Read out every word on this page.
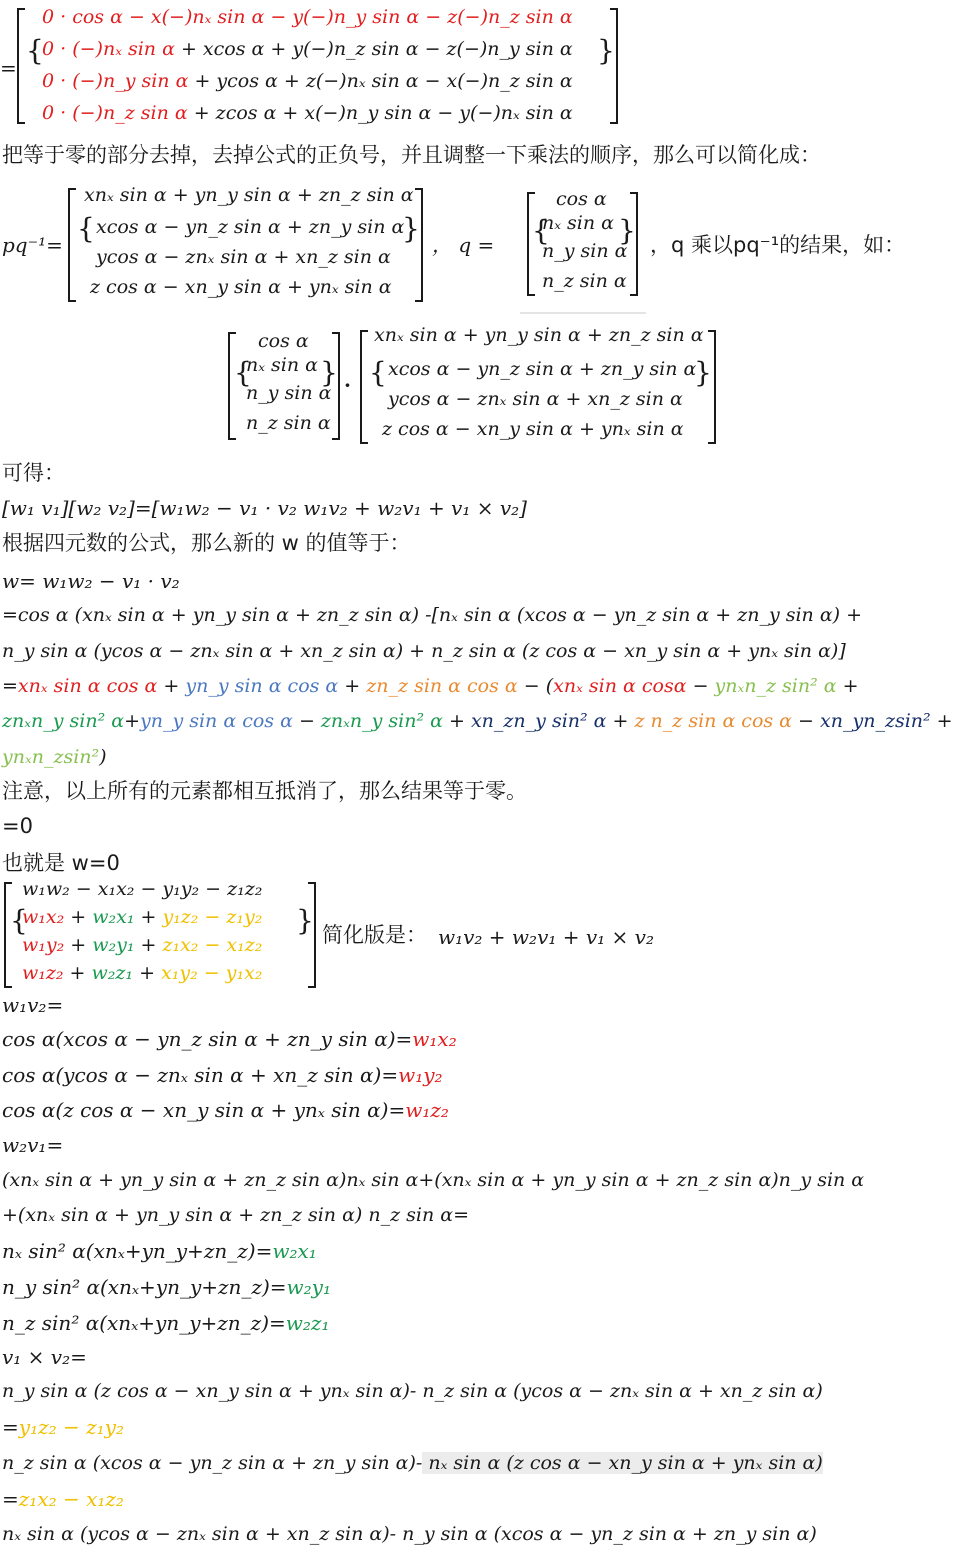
=
{	}
0 · cos α − x(−)nₓ sin α − y(−)n_y sin α − z(−)n_z sin α
0 · (−)nₓ sin α + xcos α + y(−)n_z sin α − z(−)n_y sin α
0 · (−)n_y sin α + ycos α + z(−)nₓ sin α − x(−)n_z sin α
0 · (−)n_z sin α + zcos α + x(−)n_y sin α − y(−)nₓ sin α
把等于零的部分去掉，去掉公式的正负号，并且调整一下乘法的顺序，那么可以简化成：
pq⁻¹= {	}
xnₓ sin α + yn_y sin α + zn_z sin α
xcos α − yn_z sin α + zn_y sin α
ycos α − znₓ sin α + xn_z sin α
z cos α − xn_y sin α + ynₓ sin α
， q = { }
cos α
nₓ sin α
n_y sin α
n_z sin α
，q 乘以pq⁻¹的结果，如：
{ }
cos α
nₓ sin α
n_y sin α
n_z sin α
· {	}
xnₓ sin α + yn_y sin α + zn_z sin α
xcos α − yn_z sin α + zn_y sin α
ycos α − znₓ sin α + xn_z sin α
z cos α − xn_y sin α + ynₓ sin α
可得：
[w₁ v₁][w₂ v₂]=[w₁w₂ − v₁ · v₂ w₁v₂ + w₂v₁ + v₁ × v₂]
根据四元数的公式，那么新的 w 的值等于：
w= w₁w₂ − v₁ · v₂
=cos α (xnₓ sin α + yn_y sin α + zn_z sin α) -[nₓ sin α (xcos α − yn_z sin α + zn_y sin α) +
n_y sin α (ycos α − znₓ sin α + xn_z sin α) + n_z sin α (z cos α − xn_y sin α + ynₓ sin α)]
=xnₓ sin α cos α + yn_y sin α cos α + zn_z sin α cos α − (xnₓ sin α cosα − ynₓn_z sin² α +
znₓn_y sin² α+yn_y sin α cos α − znₓn_y sin² α + xn_zn_y sin² α + z n_z sin α cos α − xn_yn_zsin² +
ynₓn_zsin²)
注意，以上所有的元素都相互抵消了，那么结果等于零。
=0
也就是 w=0
{	}
w₁w₂ − x₁x₂ − y₁y₂ − z₁z₂
w₁x₂ + w₂x₁ + y₁z₂ − z₁y₂
w₁y₂ + w₂y₁ + z₁x₂ − x₁z₂
w₁z₂ + w₂z₁ + x₁y₂ − y₁x₂
简化版是： w₁v₂ + w₂v₁ + v₁ × v₂
w₁v₂=
cos α(xcos α − yn_z sin α + zn_y sin α)=w₁x₂
cos α(ycos α − znₓ sin α + xn_z sin α)=w₁y₂
cos α(z cos α − xn_y sin α + ynₓ sin α)=w₁z₂
w₂v₁=
(xnₓ sin α + yn_y sin α + zn_z sin α)nₓ sin α+(xnₓ sin α + yn_y sin α + zn_z sin α)n_y sin α
+(xnₓ sin α + yn_y sin α + zn_z sin α) n_z sin α=
nₓ sin² α(xnₓ+yn_y+zn_z)=w₂x₁
n_y sin² α(xnₓ+yn_y+zn_z)=w₂y₁
n_z sin² α(xnₓ+yn_y+zn_z)=w₂z₁
v₁ × v₂=
n_y sin α (z cos α − xn_y sin α + ynₓ sin α)- n_z sin α (ycos α − znₓ sin α + xn_z sin α)
=y₁z₂ − z₁y₂
n_z sin α (xcos α − yn_z sin α + zn_y sin α)- nₓ sin α (z cos α − xn_y sin α + ynₓ sin α)
=z₁x₂ − x₁z₂
nₓ sin α (ycos α − znₓ sin α + xn_z sin α)- n_y sin α (xcos α − yn_z sin α + zn_y sin α)
